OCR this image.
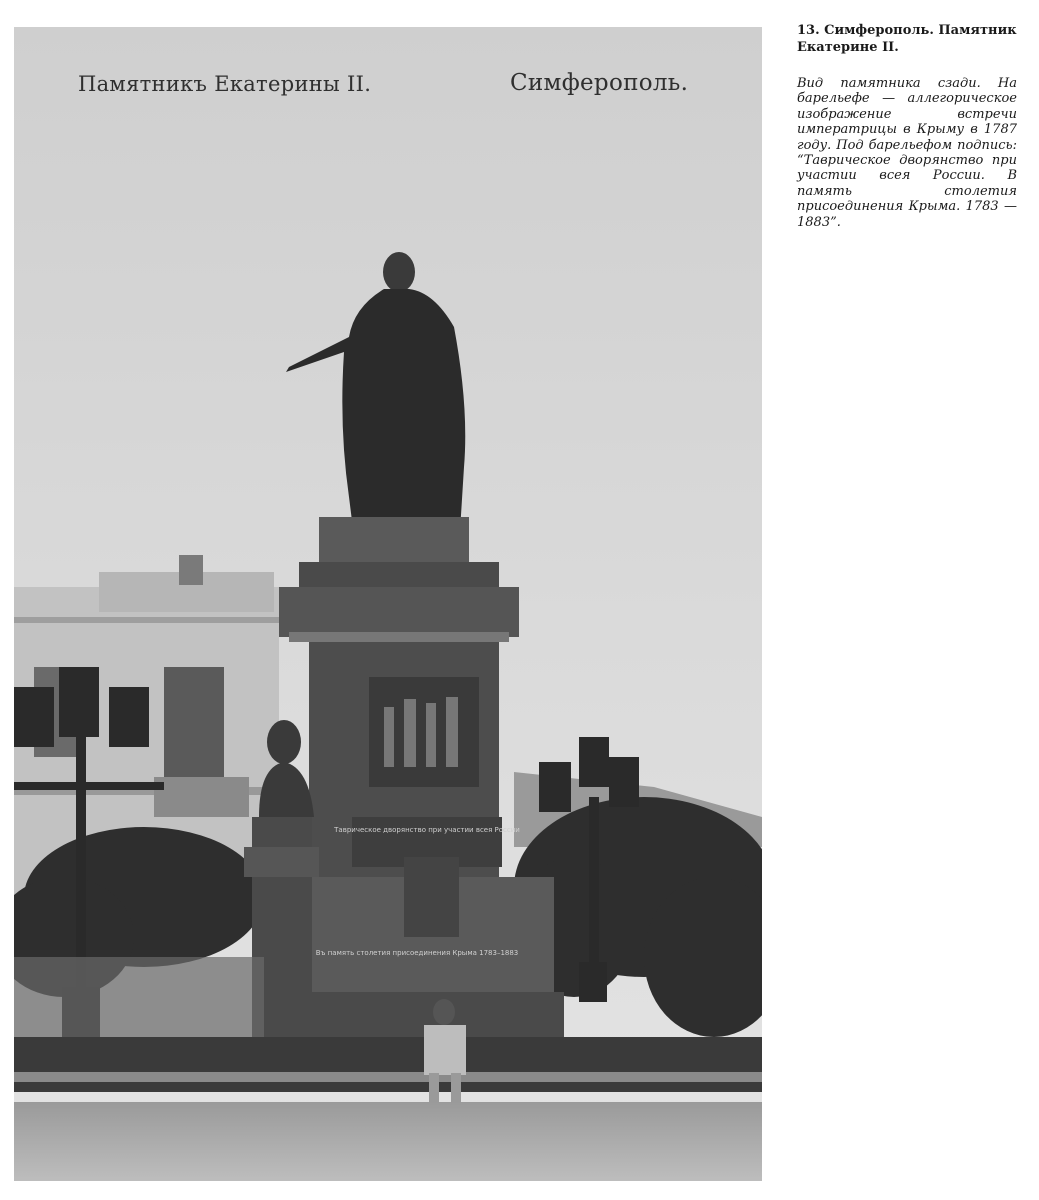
Таврическое дворянство при участии всея России
Въ память столетия присоединения Крыма 1783–1883
Памятникъ Екатерины II.	Симферополь.

13. Симферополь. Памятник Екатерине II.

Вид памятника сзади. На барельефе — аллегорическое изображение встречи императрицы в Крыму в 1787 году. Под барельефом подпись: “Таврическое дворянство при участии всея России. В память столетия присоединения Крыма. 1783 — 1883”.
